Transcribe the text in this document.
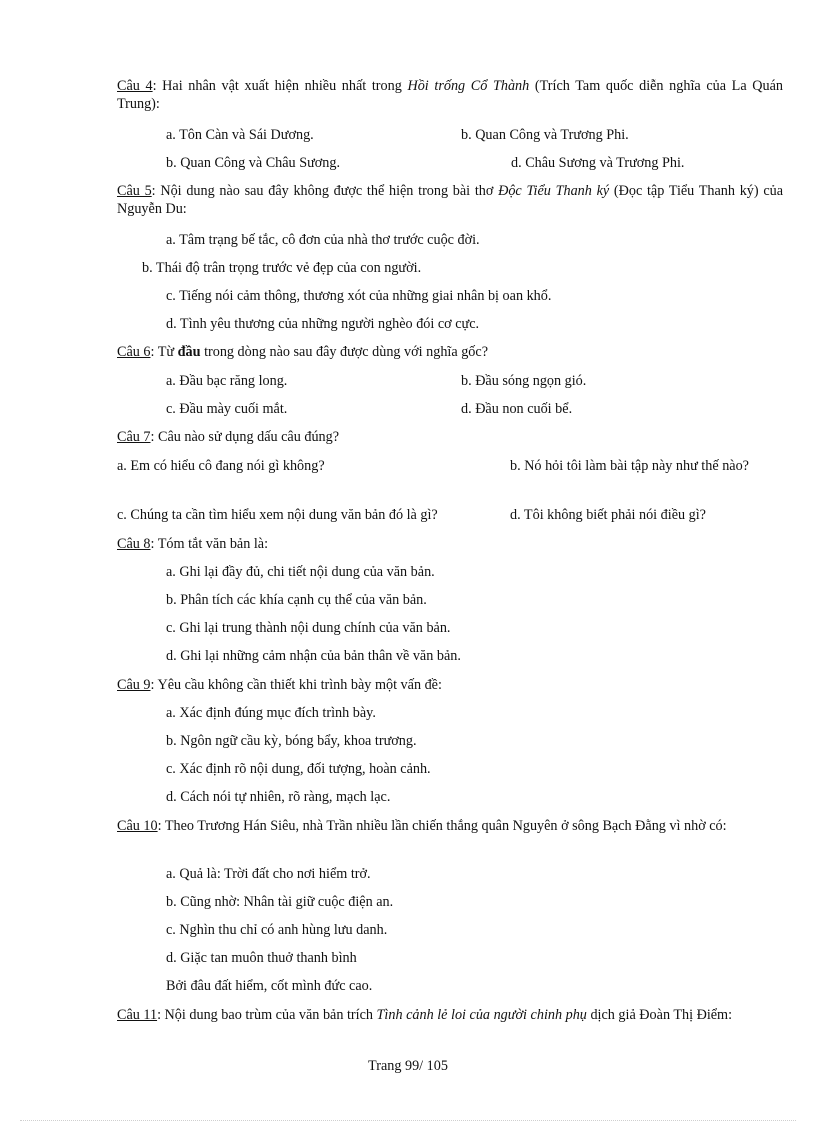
Câu 4: Hai nhân vật xuất hiện nhiều nhất trong Hồi trống Cổ Thành (Trích Tam quốc diễn nghĩa của La Quán Trung):
a. Tôn Càn và Sái Dương.	b. Quan Công và Trương Phi.
b. Quan Công và Châu Sương.	d. Châu Sương và Trương Phi.
Câu 5: Nội dung nào sau đây không được thể hiện trong bài thơ Độc Tiểu Thanh ký (Đọc tập Tiểu Thanh ký) của Nguyễn Du:
a. Tâm trạng bế tắc, cô đơn của nhà thơ trước cuộc đời.
b. Thái độ trân trọng trước vẻ đẹp của con người.
c. Tiếng nói cảm thông, thương xót của những giai nhân bị oan khổ.
d. Tình yêu thương của những người nghèo đói cơ cực.
Câu 6: Từ đầu trong dòng nào sau đây được dùng với nghĩa gốc?
a. Đầu bạc răng long.	b. Đầu sóng ngọn gió.
c. Đầu mày cuối mắt.	d. Đầu non cuối bể.
Câu 7: Câu nào sử dụng dấu câu đúng?
a. Em có hiểu cô đang nói gì không?	b. Nó hỏi tôi làm bài tập này như thế nào?
c. Chúng ta cần tìm hiểu xem nội dung văn bản đó là gì?	d. Tôi không biết phải nói điều gì?
Câu 8: Tóm tắt văn bản là:
a. Ghi lại đầy đủ, chi tiết nội dung của văn bản.
b. Phân tích các khía cạnh cụ thể của văn bản.
c. Ghi lại trung thành nội dung chính của văn bản.
d. Ghi lại những cảm nhận của bản thân về văn bản.
Câu 9: Yêu cầu không cần thiết khi trình bày một vấn đề:
a. Xác định đúng mục đích trình bày.
b. Ngôn ngữ cầu kỳ, bóng bẩy, khoa trương.
c. Xác định rõ nội dung, đối tượng, hoàn cảnh.
d. Cách nói tự nhiên, rõ ràng, mạch lạc.
Câu 10: Theo Trương Hán Siêu, nhà Trần nhiều lần chiến thắng quân Nguyên ở sông Bạch Đằng vì nhờ có:
a. Quả là: Trời đất cho nơi hiểm trở.
b. Cũng nhờ: Nhân tài giữ cuộc điện an.
c. Nghìn thu chỉ có anh hùng lưu danh.
d. Giặc tan muôn thuở thanh bình
Bởi đâu đất hiểm, cốt mình đức cao.
Câu 11: Nội dung bao trùm của văn bản trích Tình cảnh lẻ loi của người chinh phụ dịch giả Đoàn Thị Điểm:
Trang 99/ 105
